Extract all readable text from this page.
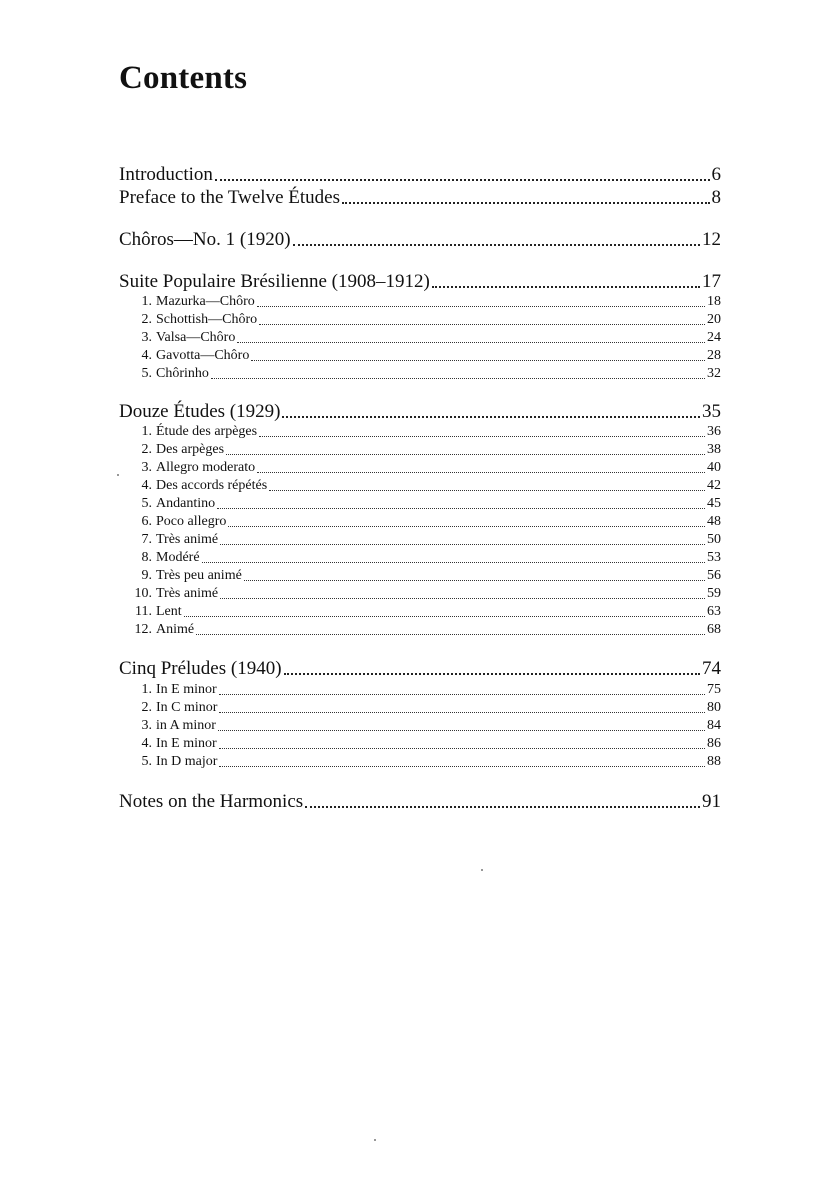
Contents
Introduction	6
Preface to the Twelve Études	8
Chôros—No. 1 (1920)	12
Suite Populaire Brésilienne (1908–1912)	17
1. Mazurka—Chôro	18
2. Schottish—Chôro	20
3. Valsa—Chôro	24
4. Gavotta—Chôro	28
5. Chôrinho	32
Douze Études (1929)	35
1. Étude des arpèges	36
2. Des arpèges	38
3. Allegro moderato	40
4. Des accords répétés	42
5. Andantino	45
6. Poco allegro	48
7. Très animé	50
8. Modéré	53
9. Très peu animé	56
10. Très animé	59
11. Lent	63
12. Animé	68
Cinq Préludes (1940)	74
1. In E minor	75
2. In C minor	80
3. in A minor	84
4. In E minor	86
5. In D major	88
Notes on the Harmonics	91
